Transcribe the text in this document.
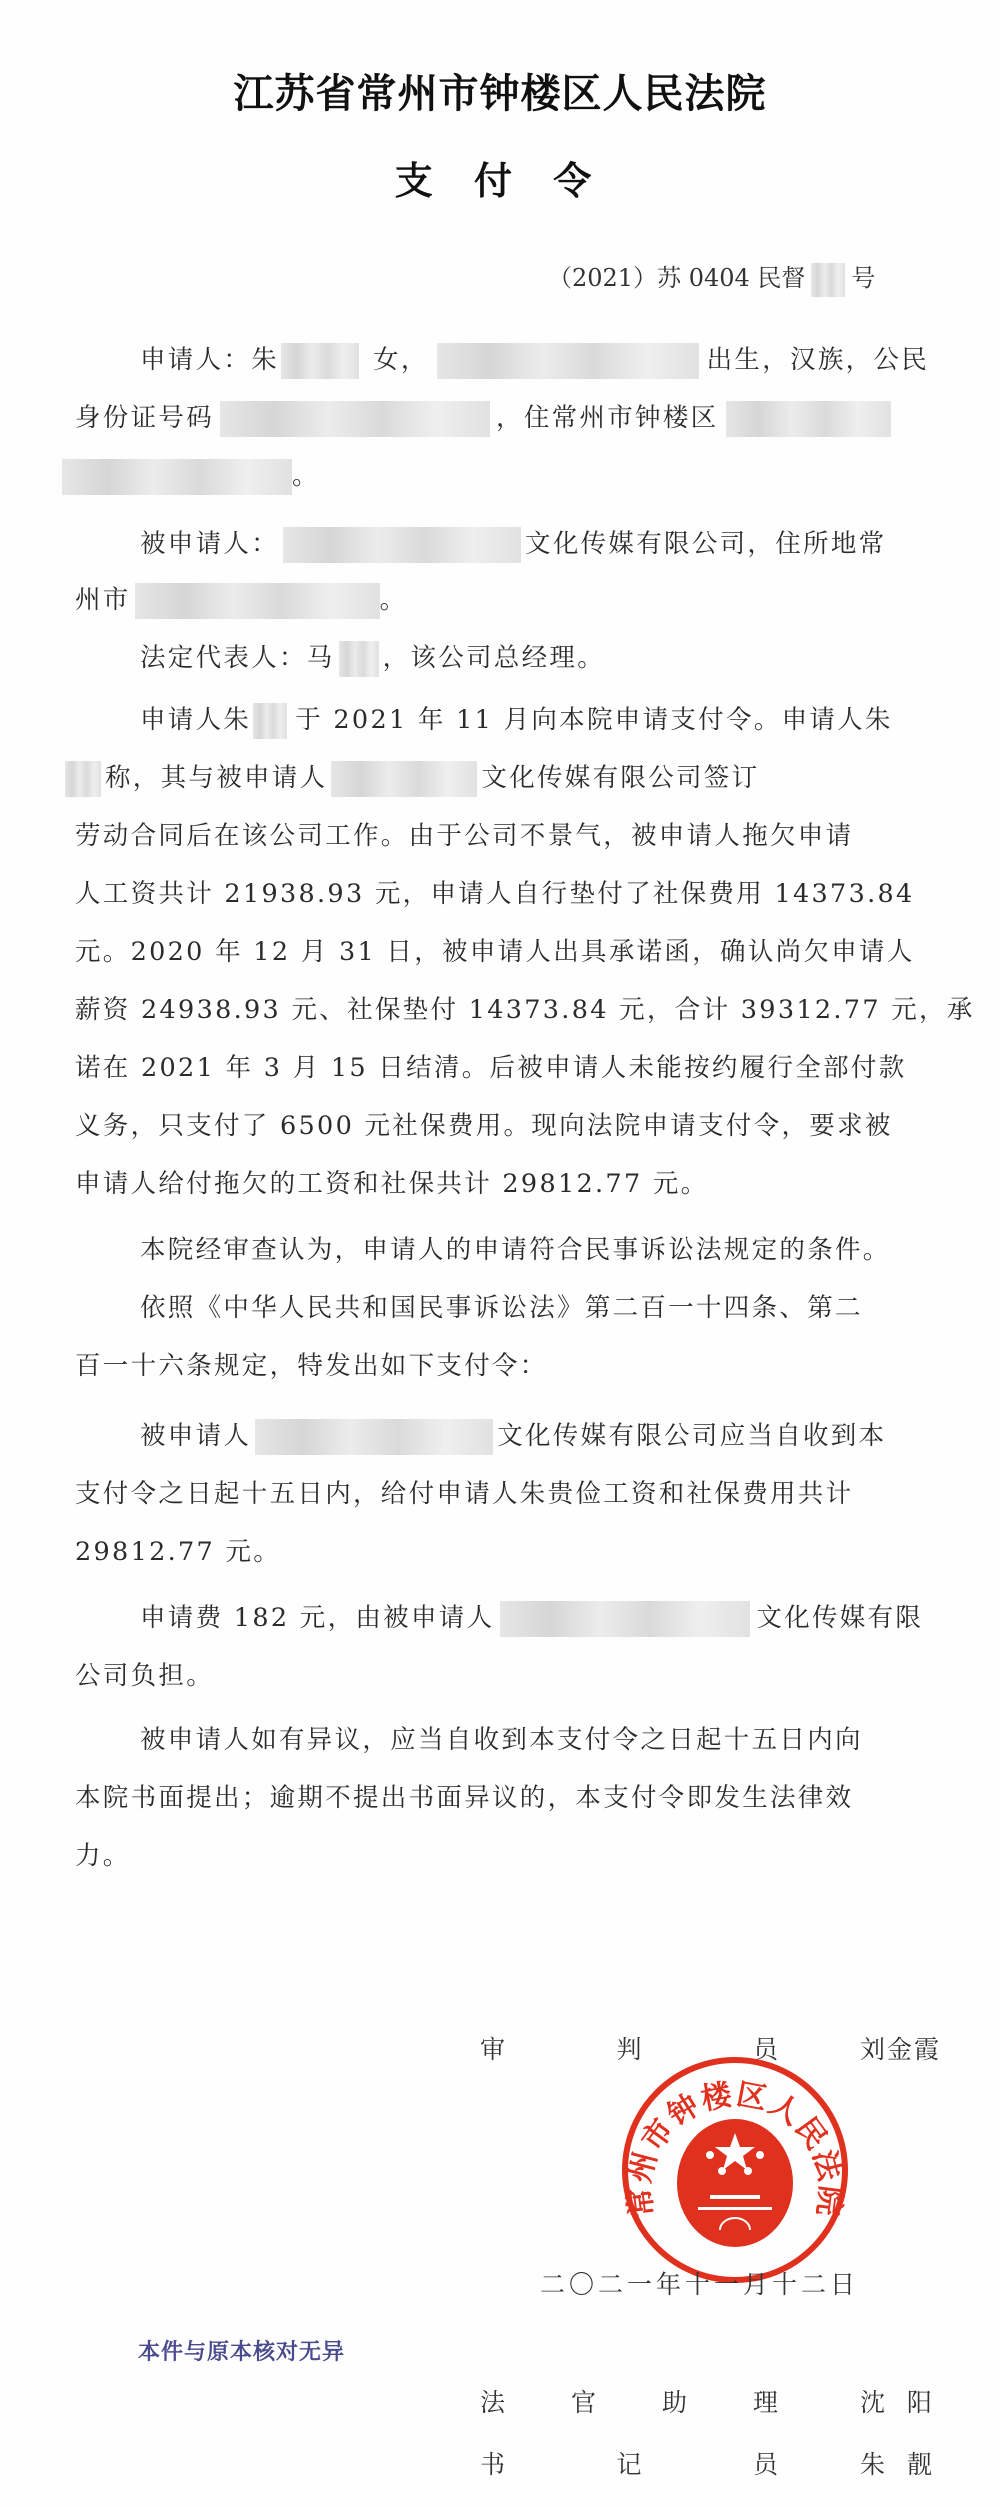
江苏省常州市钟楼区人民法院
支 付 令
（2021）苏 0404 民督 号
申请人：朱	女，	出生，汉族，公民
身份证号码	，住常州市钟楼区
。
被申请人：	文化传媒有限公司，住所地常
州市	。
法定代表人：马 ，该公司总经理。
申请人朱 于 2021 年 11 月向本院申请支付令。申请人朱
称，其与被申请人	文化传媒有限公司签订
劳动合同后在该公司工作。由于公司不景气，被申请人拖欠申请
人工资共计 21938.93 元，申请人自行垫付了社保费用 14373.84
元。2020 年 12 月 31 日，被申请人出具承诺函，确认尚欠申请人
薪资 24938.93 元、社保垫付 14373.84 元，合计 39312.77 元，承
诺在 2021 年 3 月 15 日结清。后被申请人未能按约履行全部付款
义务，只支付了 6500 元社保费用。现向法院申请支付令，要求被
申请人给付拖欠的工资和社保共计 29812.77 元。
本院经审查认为，申请人的申请符合民事诉讼法规定的条件。
依照《中华人民共和国民事诉讼法》第二百一十四条、第二
百一十六条规定，特发出如下支付令：
被申请人	文化传媒有限公司应当自收到本
支付令之日起十五日内，给付申请人朱贵俭工资和社保费用共计
29812.77 元。
申请费 182 元，由被申请人	文化传媒有限
公司负担。
被申请人如有异议，应当自收到本支付令之日起十五日内向
本院书面提出；逾期不提出书面异议的，本支付令即发生法律效
力。
审	判	员	刘金霞
常州市钟楼区人民法院
二〇二一年十一月十二日
本件与原本核对无异
法	官	助	理	沈  阳
书	记	员	朱  靓
